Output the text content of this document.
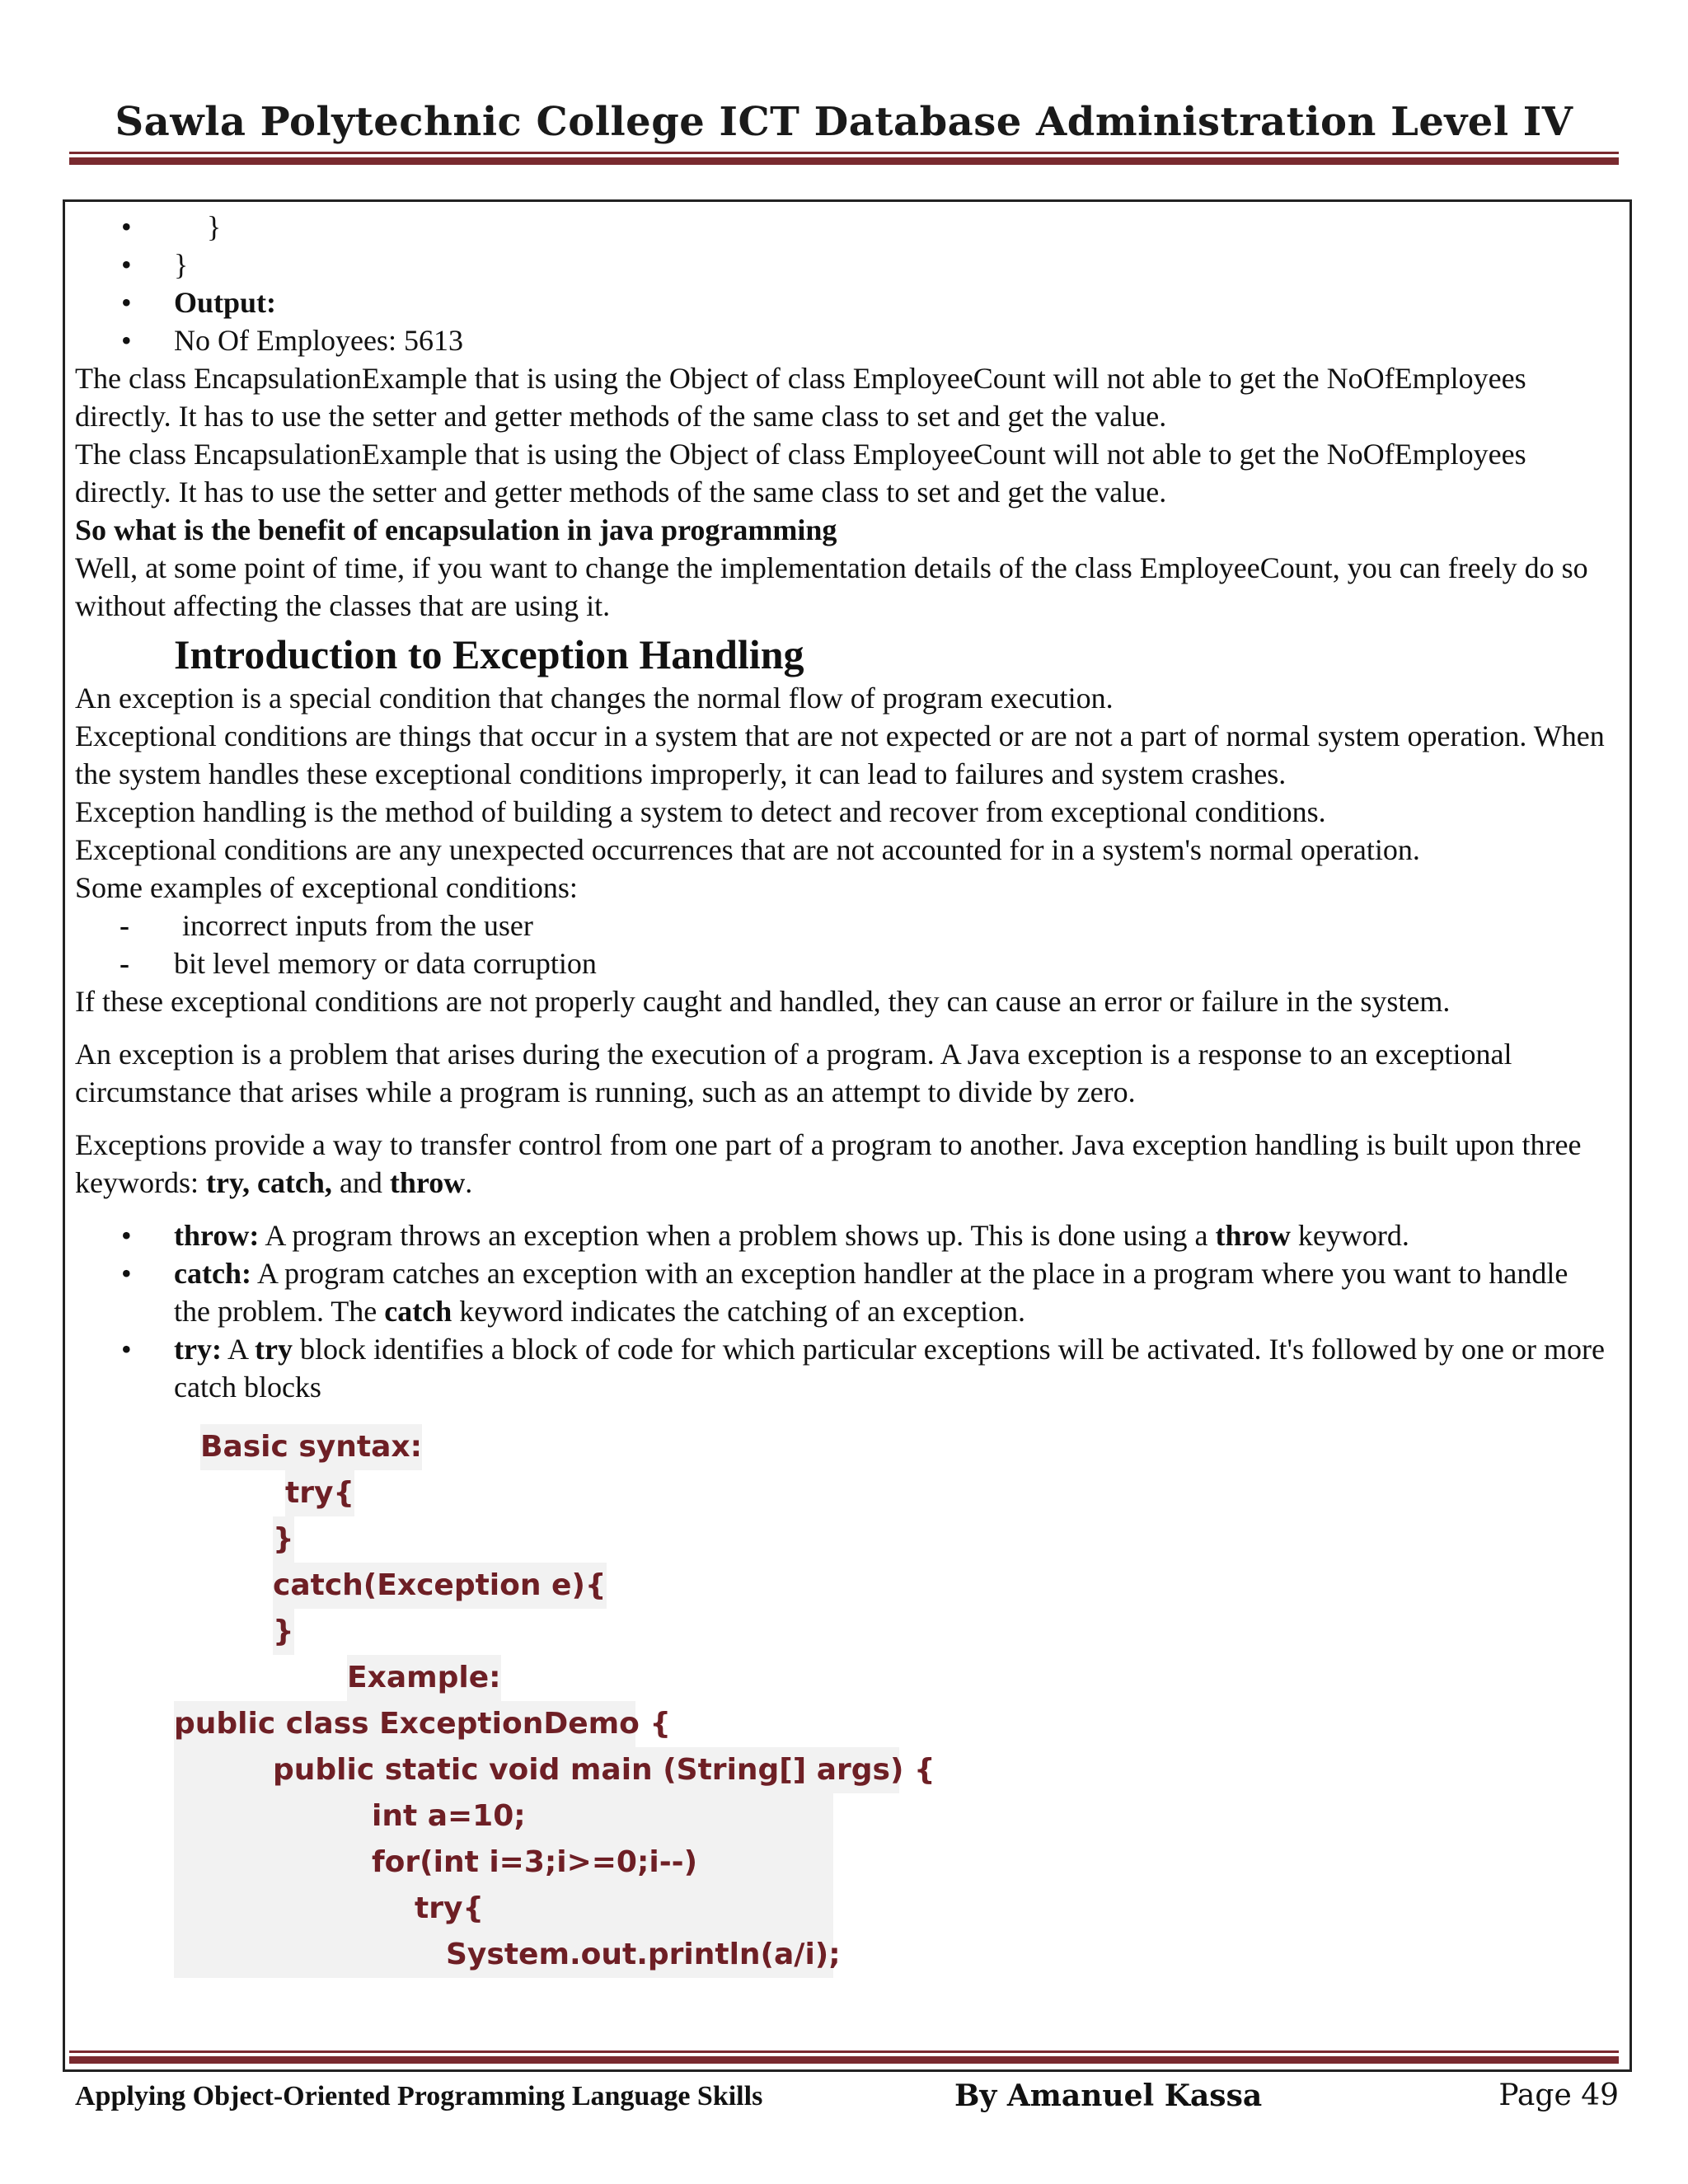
Sawla Polytechnic College ICT Database Administration Level IV
• }
• }
• Output:
• No Of Employees: 5613

The class EncapsulationExample that is using the Object of class EmployeeCount will not able to get the NoOfEmployees directly. It has to use the setter and getter methods of the same class to set and get the value.

The class EncapsulationExample that is using the Object of class EmployeeCount will not able to get the NoOfEmployees directly. It has to use the setter and getter methods of the same class to set and get the value.

So what is the benefit of encapsulation in java programming

Well, at some point of time, if you want to change the implementation details of the class EmployeeCount, you can freely do so without affecting the classes that are using it.

Introduction to Exception Handling

An exception is a special condition that changes the normal flow of program execution.

Exceptional conditions are things that occur in a system that are not expected or are not a part of normal system operation. When the system handles these exceptional conditions improperly, it can lead to failures and system crashes.

Exception handling is the method of building a system to detect and recover from exceptional conditions.

Exceptional conditions are any unexpected occurrences that are not accounted for in a system's normal operation.

Some examples of exceptional conditions:

- incorrect inputs from the user
- bit level memory or data corruption

If these exceptional conditions are not properly caught and handled, they can cause an error or failure in the system.

An exception is a problem that arises during the execution of a program. A Java exception is a response to an exceptional circumstance that arises while a program is running, such as an attempt to divide by zero.

Exceptions provide a way to transfer control from one part of a program to another. Java exception handling is built upon three keywords: try, catch, and throw.

• throw: A program throws an exception when a problem shows up. This is done using a throw keyword.
• catch: A program catches an exception with an exception handler at the place in a program where you want to handle the problem. The catch keyword indicates the catching of an exception.
• try: A try block identifies a block of code for which particular exceptions will be activated. It's followed by one or more catch blocks
Basic syntax:
try{
}
catch(Exception e){
}
Example:
public class ExceptionDemo {
public static void main (String[] args) {
int a=10;
for(int i=3;i>=0;i--)
try{
System.out.println(a/i);
Applying Object-Oriented Programming Language Skills	By Amanuel Kassa	Page 49
